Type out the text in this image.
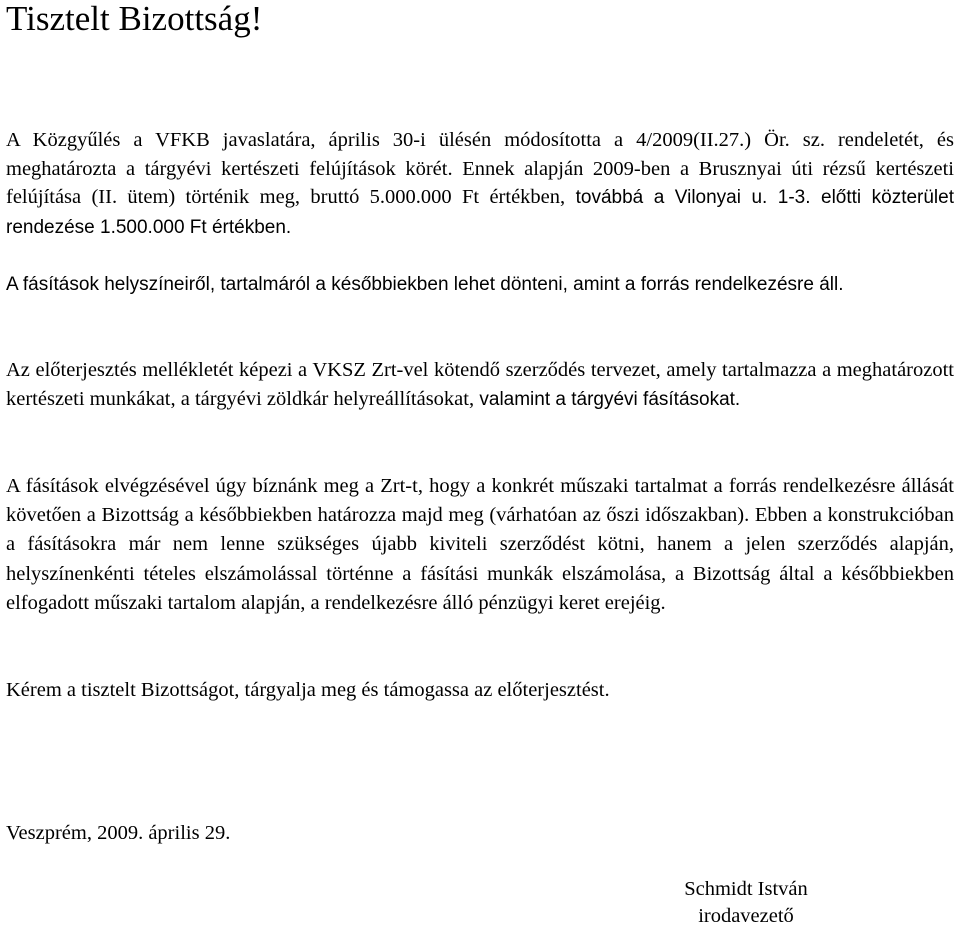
Tisztelt Bizottság!

A Közgyűlés a VFKB javaslatára, április 30-i ülésén módosította a 4/2009(II.27.) Ör. sz. rendeletét, és meghatározta a tárgyévi kertészeti felújítások körét. Ennek alapján 2009-ben a Brusznyai úti rézsű kertészeti felújítása (II. ütem) történik meg, bruttó 5.000.000 Ft értékben, továbbá a Vilonyai u. 1-3. előtti közterület rendezése 1.500.000 Ft értékben.

A fásítások helyszíneiről, tartalmáról a későbbiekben lehet dönteni, amint a forrás rendelkezésre áll.

Az előterjesztés mellékletét képezi a VKSZ Zrt-vel kötendő szerződés tervezet, amely tartalmazza a meghatározott kertészeti munkákat, a tárgyévi zöldkár helyreállításokat, valamint a tárgyévi fásításokat.

A fásítások elvégzésével úgy bíznánk meg a Zrt-t, hogy a konkrét műszaki tartalmat a forrás rendelkezésre állását követően a Bizottság a későbbiekben határozza majd meg (várhatóan az őszi időszakban). Ebben a konstrukcióban a fásításokra már nem lenne szükséges újabb kiviteli szerződést kötni, hanem a jelen szerződés alapján, helyszínenkénti tételes elszámolással történne a fásítási munkák elszámolása, a Bizottság által a későbbiekben elfogadott műszaki tartalom alapján, a rendelkezésre álló pénzügyi keret erejéig.

Kérem a tisztelt Bizottságot, tárgyalja meg és támogassa az előterjesztést.

Veszprém, 2009. április 29.

Schmidt István
irodavezető
